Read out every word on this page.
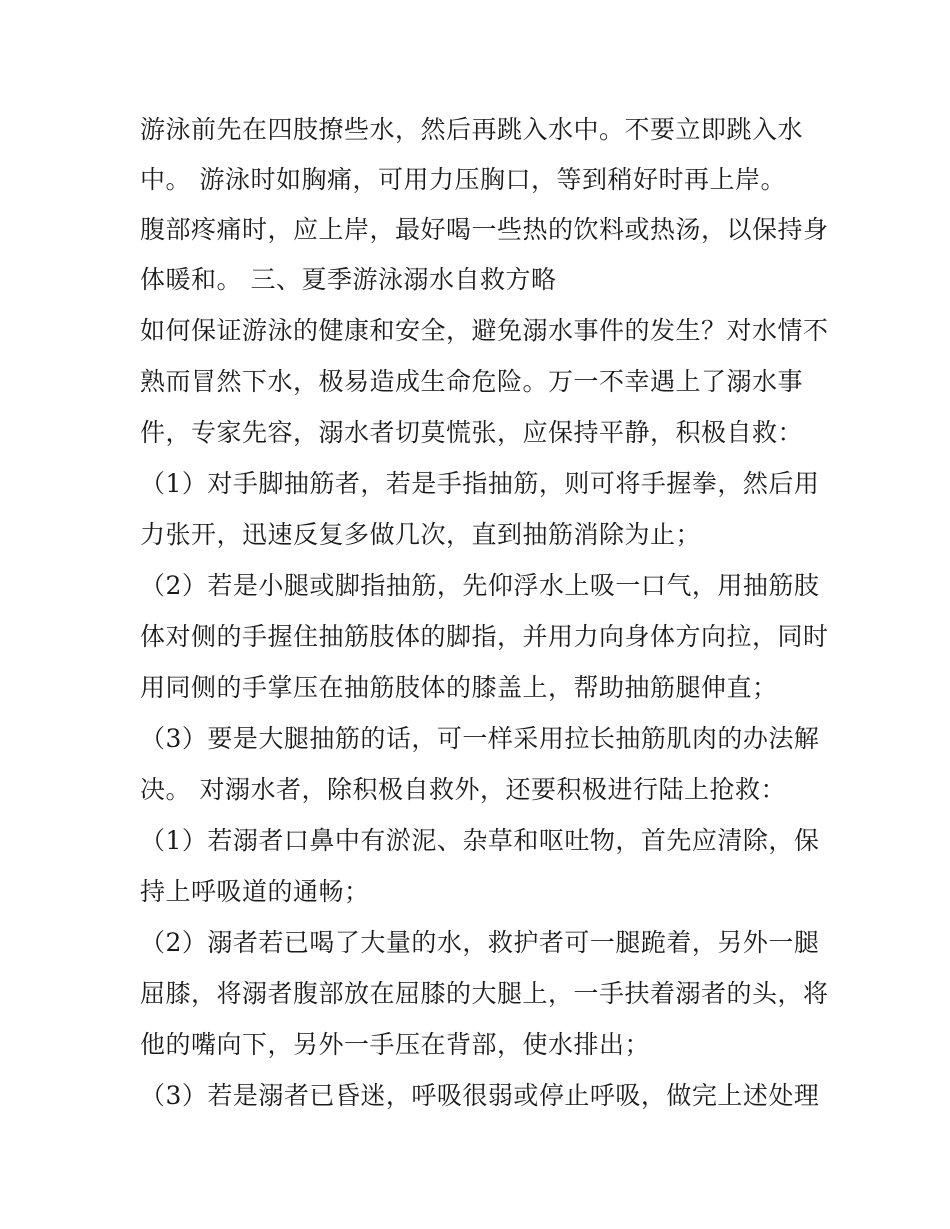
游泳前先在四肢撩些水，然后再跳入水中。不要立即跳入水
中。 游泳时如胸痛，可用力压胸口，等到稍好时再上岸。
腹部疼痛时，应上岸，最好喝一些热的饮料或热汤，以保持身
体暖和。 三、夏季游泳溺水自救方略
如何保证游泳的健康和安全，避免溺水事件的发生？对水情不
熟而冒然下水，极易造成生命危险。万一不幸遇上了溺水事
件，专家先容，溺水者切莫慌张，应保持平静，积极自救：
（1）对手脚抽筋者，若是手指抽筋，则可将手握拳，然后用
力张开，迅速反复多做几次，直到抽筋消除为止；
（2）若是小腿或脚指抽筋，先仰浮水上吸一口气，用抽筋肢
体对侧的手握住抽筋肢体的脚指，并用力向身体方向拉，同时
用同侧的手掌压在抽筋肢体的膝盖上，帮助抽筋腿伸直；
（3）要是大腿抽筋的话，可一样采用拉长抽筋肌肉的办法解
决。 对溺水者，除积极自救外，还要积极进行陆上抢救：
（1）若溺者口鼻中有淤泥、杂草和呕吐物，首先应清除，保
持上呼吸道的通畅；
（2）溺者若已喝了大量的水，救护者可一腿跪着，另外一腿
屈膝，将溺者腹部放在屈膝的大腿上，一手扶着溺者的头，将
他的嘴向下，另外一手压在背部，使水排出；
（3）若是溺者已昏迷，呼吸很弱或停止呼吸，做完上述处理
